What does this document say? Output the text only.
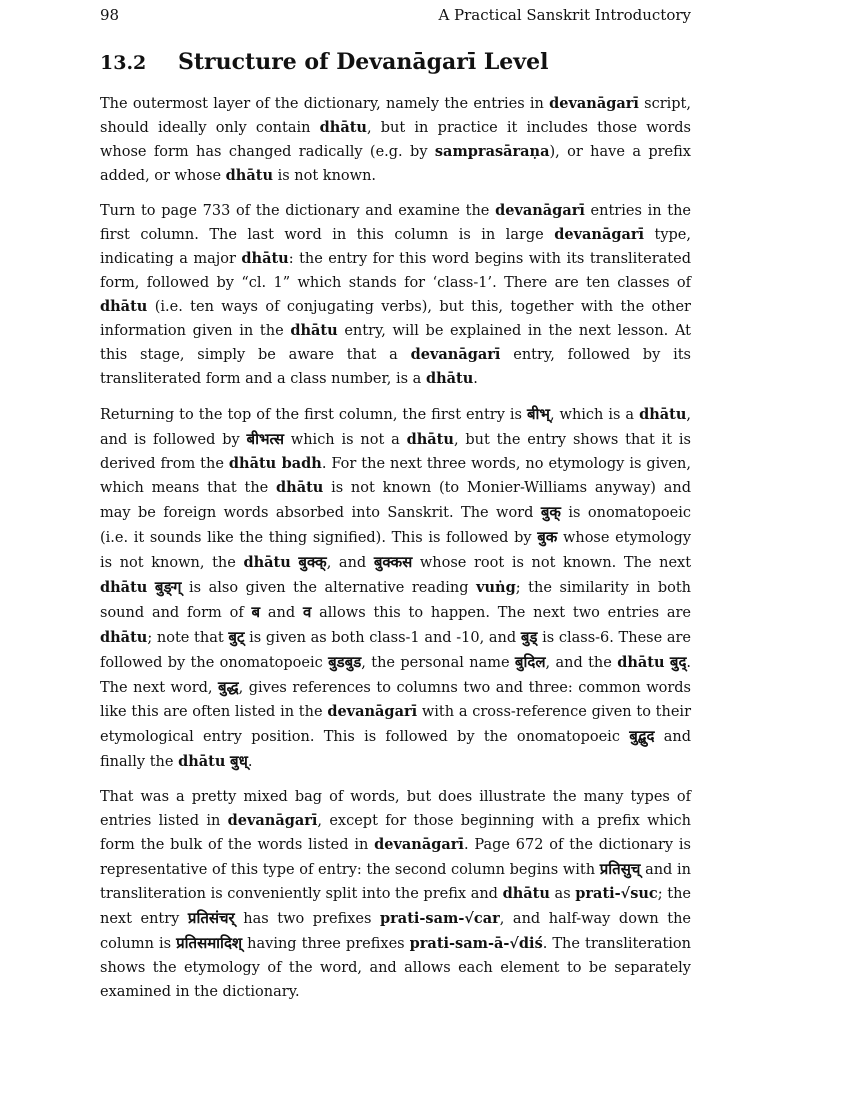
98	A Practical Sanskrit Introductory
13.2 Structure of Devanāgarī Level

The outermost layer of the dictionary, namely the entries in devanāgarī script, should ideally only contain dhātu, but in practice it includes those words whose form has changed radically (e.g. by samprasāraṇa), or have a prefix added, or whose dhātu is not known.

Turn to page 733 of the dictionary and examine the devanāgarī entries in the first column. The last word in this column is in large devanāgarī type, indicating a major dhātu: the entry for this word begins with its transliterated form, followed by “cl. 1” which stands for ‘class-1’. There are ten classes of dhātu (i.e. ten ways of conjugating verbs), but this, together with the other information given in the dhātu entry, will be explained in the next lesson. At this stage, simply be aware that a devanāgarī entry, followed by its transliterated form and a class number, is a dhātu.

Returning to the top of the first column, the first entry is बीभ्, which is a dhātu, and is followed by बीभत्स which is not a dhātu, but the entry shows that it is derived from the dhātu badh. For the next three words, no etymology is given, which means that the dhātu is not known (to Monier-Williams anyway) and may be foreign words absorbed into Sanskrit. The word बुक् is onomatopoeic (i.e. it sounds like the thing signified). This is followed by बुक whose etymology is not known, the dhātu बुक्क्, and बुक्कस whose root is not known. The next dhātu बुङ्ग् is also given the alternative reading vuṅg; the similarity in both sound and form of ब and व allows this to happen. The next two entries are dhātu; note that बुट् is given as both class-1 and -10, and बुड् is class-6. These are followed by the onomatopoeic बुडबुड, the personal name बुदिल, and the dhātu बुद्. The next word, बुद्ध, gives references to columns two and three: common words like this are often listed in the devanāgarī with a cross-reference given to their etymological entry position. This is followed by the onomatopoeic बुद्बुद and finally the dhātu बुध्.

That was a pretty mixed bag of words, but does illustrate the many types of entries listed in devanāgarī, except for those beginning with a prefix which form the bulk of the words listed in devanāgarī. Page 672 of the dictionary is representative of this type of entry: the second column begins with प्रतिसुच् and in transliteration is conveniently split into the prefix and dhātu as prati-√suc; the next entry प्रतिसंचर् has two prefixes prati-sam-√car, and half-way down the column is प्रतिसमादिश् having three prefixes prati-sam-ā-√diś. The transliteration shows the etymology of the word, and allows each element to be separately examined in the dictionary.
